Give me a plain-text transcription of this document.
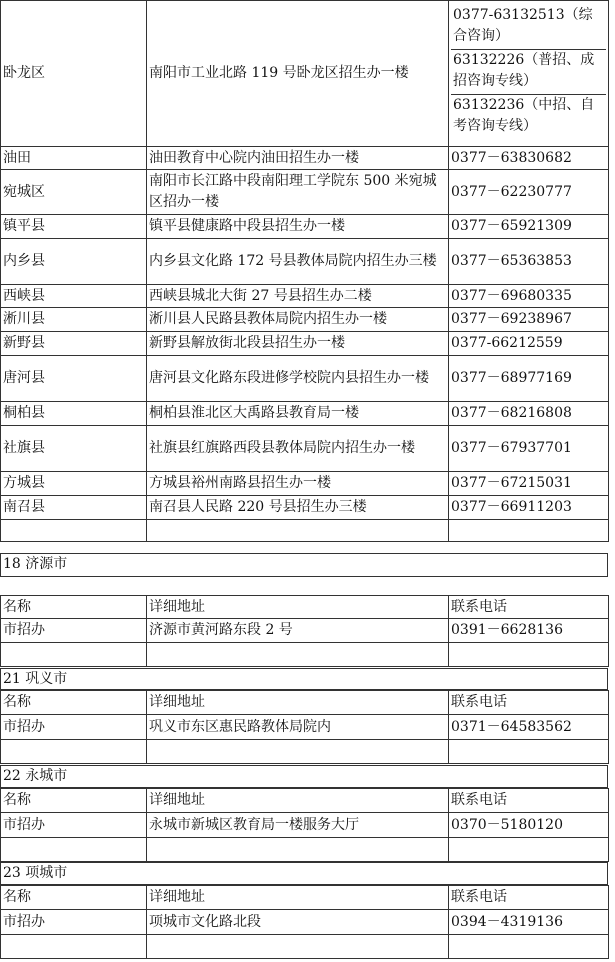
卧龙区	南阳市工业北路 119 号卧龙区招生办一楼	0377-63132513（综合咨询）
63132226（普招、成招咨询专线）
63132236（中招、自考咨询专线）

油田	油田教育中心院内油田招生办一楼	0377－63830682
宛城区	南阳市长江路中段南阳理工学院东 500 米宛城区招办一楼	0377－62230777
镇平县	镇平县健康路中段县招生办一楼	0377－65921309
内乡县	内乡县文化路 172 号县教体局院内招生办三楼	0377－65363853
西峡县	西峡县城北大街 27 号县招生办二楼	0377－69680335
淅川县	淅川县人民路县教体局院内招生办一楼	0377－69238967
新野县	新野县解放街北段县招生办一楼	0377-66212559
唐河县	唐河县文化路东段进修学校院内县招生办一楼	0377－68977169
桐柏县	桐柏县淮北区大禹路县教育局一楼	0377－68216808
社旗县	社旗县红旗路西段县教体局院内招生办一楼	0377－67937701
方城县	方城县裕州南路县招生办一楼	0377－67215031
南召县	南召县人民路 220 号县招生办三楼	0377－66911203

18 济源市
名称	详细地址	联系电话
市招办	济源市黄河路东段 2 号	0391－6628136

21 巩义市
名称	详细地址	联系电话
市招办	巩义市东区惠民路教体局院内	0371－64583562

22 永城市
名称	详细地址	联系电话
市招办	永城市新城区教育局一楼服务大厅	0370－5180120

23 项城市
名称	详细地址	联系电话
市招办	项城市文化路北段	0394－4319136
